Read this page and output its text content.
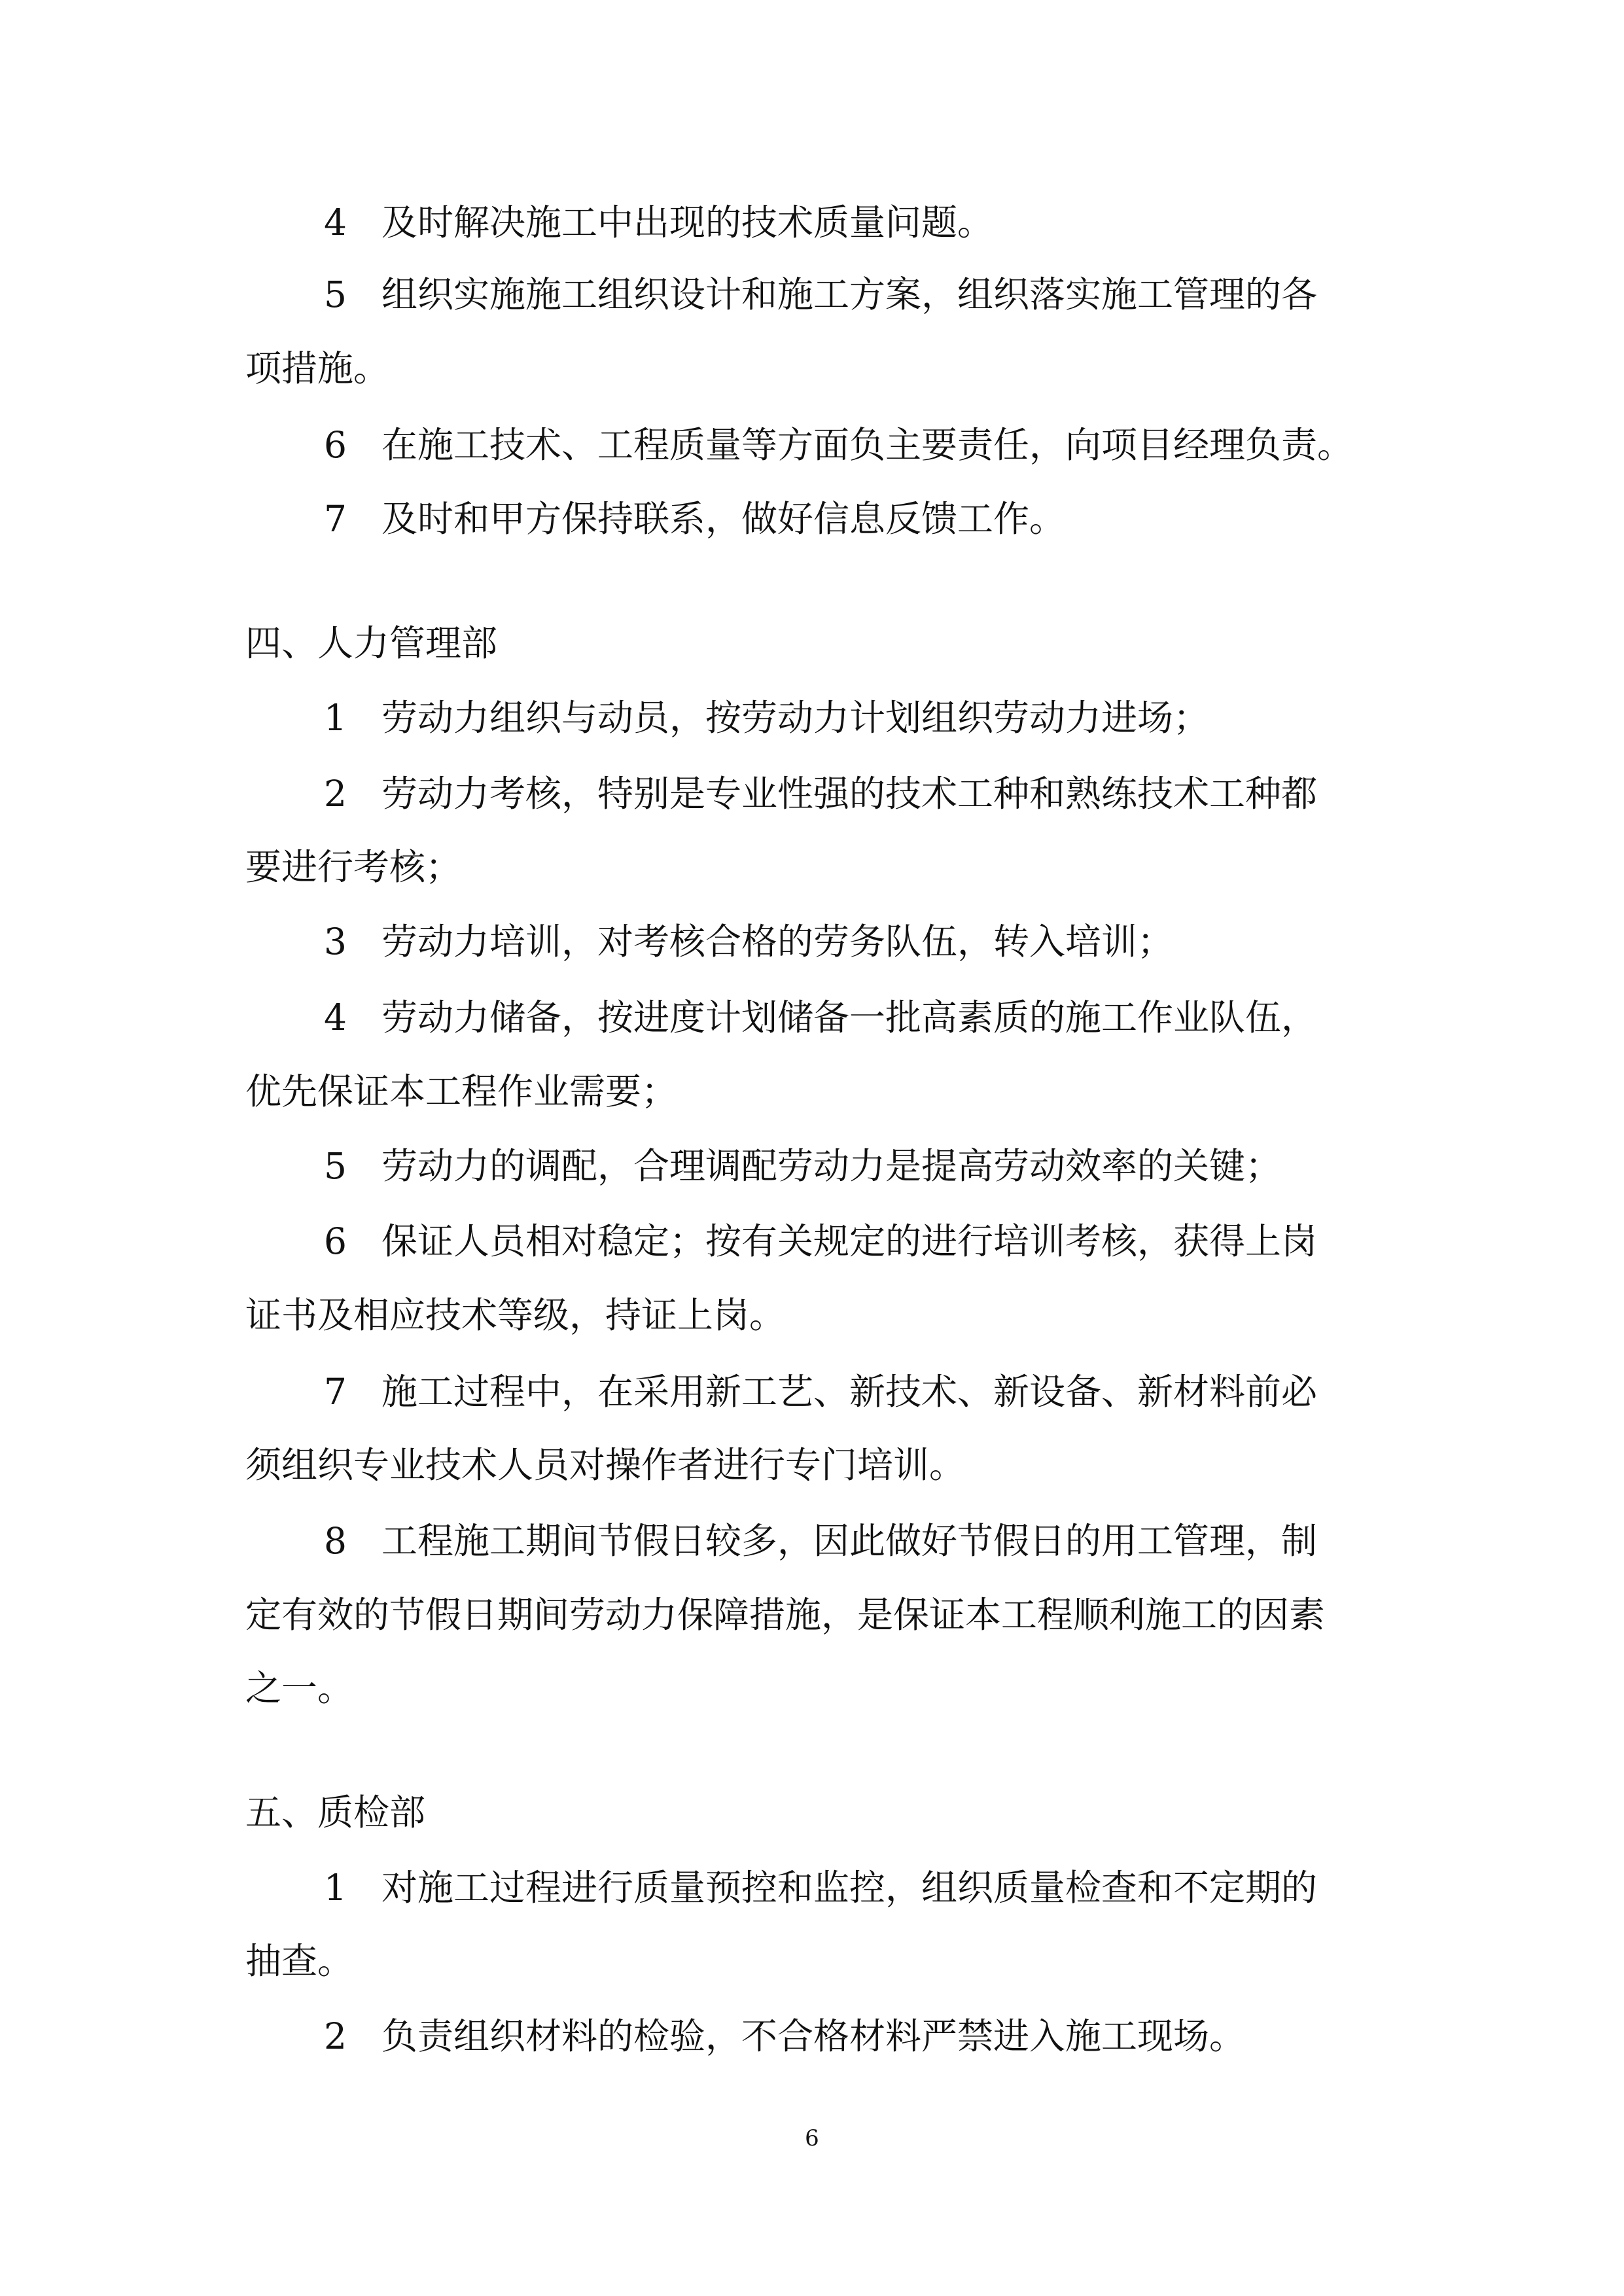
4 及时解决施工中出现的技术质量问题。
5 组织实施施工组织设计和施工方案，组织落实施工管理的各
项措施。
6 在施工技术、工程质量等方面负主要责任，向项目经理负责。
7 及时和甲方保持联系，做好信息反馈工作。
四、人力管理部
1 劳动力组织与动员，按劳动力计划组织劳动力进场；
2 劳动力考核，特别是专业性强的技术工种和熟练技术工种都
要进行考核；
3 劳动力培训，对考核合格的劳务队伍，转入培训；
4 劳动力储备，按进度计划储备一批高素质的施工作业队伍，
优先保证本工程作业需要；
5 劳动力的调配，合理调配劳动力是提高劳动效率的关键；
6 保证人员相对稳定；按有关规定的进行培训考核，获得上岗
证书及相应技术等级，持证上岗。
7 施工过程中，在采用新工艺、新技术、新设备、新材料前必
须组织专业技术人员对操作者进行专门培训。
8 工程施工期间节假日较多，因此做好节假日的用工管理，制
定有效的节假日期间劳动力保障措施，是保证本工程顺利施工的因素
之一。
五、质检部
1 对施工过程进行质量预控和监控，组织质量检查和不定期的
抽查。
2 负责组织材料的检验，不合格材料严禁进入施工现场。
6
